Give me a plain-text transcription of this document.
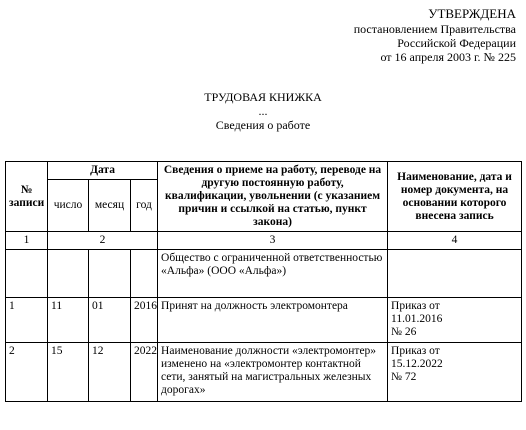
УТВЕРЖДЕНА
постановлением Правительства
Российской Федерации
от 16 апреля 2003 г. № 225
ТРУДОВАЯ КНИЖКА
...
Сведения о работе
№ записи	Дата			Сведения о приеме на работу, переводе на другую постоянную работу, квалификации, увольнении (с указанием причин и ссылкой на статью, пункт закона)	Наименование, дата и номер документа, на основании которого внесена запись
	число	месяц	год		
1	2			3	4
				Общество с ограниченной ответственностью «Альфа» (ООО «Альфа»)	

1	11	01	2016	Принят на должность электромонтера	Приказ от
11.01.2016
№ 26

2	15	12	2022	Наименование должности «электромонтер» изменено на «электромонтер контактной сети, занятый на магистральных железных дорогах»	Приказ от
15.12.2022
№ 72
